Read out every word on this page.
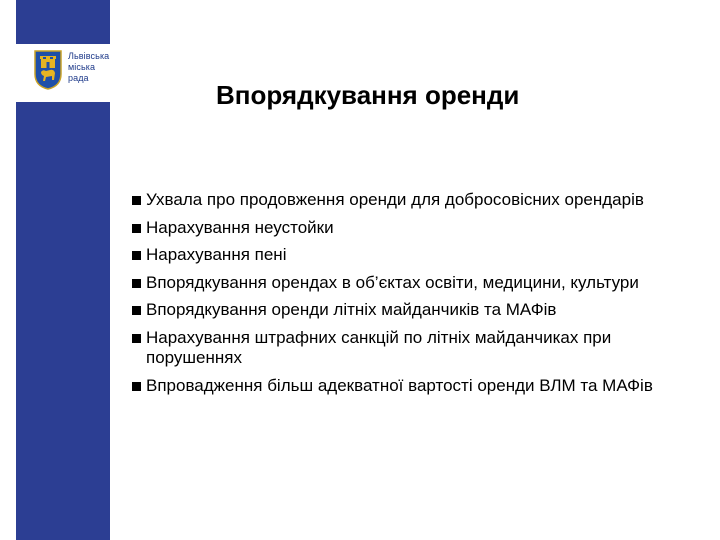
Львівська
міська
рада
Впорядкування оренди
Ухвала про продовження оренди для добросовісних орендарів
Нарахування неустойки
Нарахування пені
Впорядкування орендах в об’єктах освіти, медицини, культури
Впорядкування оренди літніх майданчиків та МАФів
Нарахування штрафних санкцій по літніх майданчиках при порушеннях
Впровадження більш адекватної вартості оренди ВЛМ та МАФів
